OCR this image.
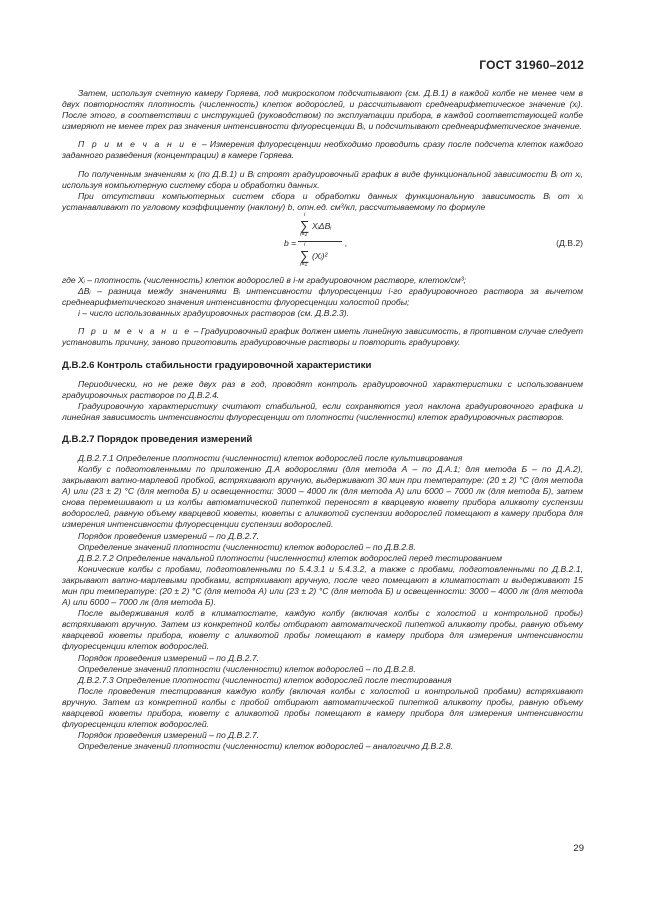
ГОСТ 31960–2012

Затем, используя счетную камеру Горяева, под микроскопом подсчитывают (см. Д.В.1) в каждой колбе не менее чем в двух повторностях плотность (численность) клеток водорослей, и рассчитывают среднеарифметическое значение (xᵢ). После этого, в соответствии с инструкцией (руководством) по эксплуатации прибора, в каждой соответствующей колбе измеряют не менее трех раз значения интенсивности флуоресценции Bᵢ, и подсчитывают среднеарифметическое значение.

П р и м е ч а н и е – Измерения флуоресценции необходимо проводить сразу после подсчета клеток каждого заданного разведения (концентрации) в камере Горяева.

По полученным значениям xᵢ (по Д.В.1) и Bᵢ строят градуировочный график в виде функциональной зависимости Bᵢ от xᵢ, используя компьютерную систему сбора и обработки данных.

При отсутствии компьютерных систем сбора и обработки данных функциональную зависимость Bᵢ от xᵢ устанавливают по угловому коэффициенту (наклону) b, отн.ед. см³/кл, рассчитываемому по формуле

b =
i
∑
i=1
XᵢΔBᵢ
i
∑
i=1
(Xᵢ)²
,	(Д.В.2)

где Xᵢ – плотность (численность) клеток водорослей в i-м градуировочном растворе, клеток/см³;

ΔBᵢ – разница между значениями Bᵢ интенсивности флуоресценции i-го градуировочного раствора за вычетом среднеарифметического значения интенсивности флуоресценции холостой пробы;

i – число использованных градуировочных растворов (см. Д.В.2.3).

П р и м е ч а н и е – Градуировочный график должен иметь линейную зависимость, в противном случае следует установить причину, заново приготовить градуировочные растворы и повторить градуировку.

Д.В.2.6 Контроль стабильности градуировочной характеристики

Периодически, но не реже двух раз в год, проводят контроль градуировочной характеристики с использованием градуировочных растворов по Д.В.2.4.

Градуировочную характеристику считают стабильной, если сохраняются угол наклона градуировочного графика и линейная зависимость интенсивности флуоресценции от плотности (численности) клеток градуировочных растворов.

Д.В.2.7 Порядок проведения измерений

Д.В.2.7.1 Определение плотности (численности) клеток водорослей после культивирования

Колбу с подготовленными по приложению Д.А водорослями (для метода А – по Д.А.1; для метода Б – по Д.А.2), закрывают ватно-марлевой пробкой, встряхивают вручную, выдерживают 30 мин при температуре: (20 ± 2) °С (для метода А) или (23 ± 2) °С (для метода Б) и освещенности: 3000 – 4000 лк (для метода А) или 6000 – 7000 лк (для метода Б), затем снова перемешивают и из колбы автоматической пипеткой переносят в кварцевую кювету прибора аликвоту суспензии водорослей, равную объему кварцевой кюветы, кюветы с аликвотой суспензии водорослей помещают в камеру прибора для измерения интенсивности флуоресценции суспензии водорослей.

Порядок проведения измерений – по Д.В.2.7.

Определение значений плотности (численности) клеток водорослей – по Д.В.2.8.

Д.В.2.7.2 Определение начальной плотности (численности) клеток водорослей перед тестированием

Конические колбы с пробами, подготовленными по 5.4.3.1 и 5.4.3.2, а также с пробами, подготовленными по Д.В.2.1, закрывают ватно-марлевыми пробками, встряхивают вручную, после чего помещают в климатостат и выдерживают 15 мин при температуре: (20 ± 2) °С (для метода А) или (23 ± 2) °С (для метода Б) и освещенности: 3000 – 4000 лк (для метода А) или 6000 – 7000 лк (для метода Б).

После выдерживания колб в климатостате, каждую колбу (включая колбы с холостой и контрольной пробы) встряхивают вручную. Затем из конкретной колбы отбирают автоматической пипеткой аликвоту пробы, равную объему кварцевой кюветы прибора, кювету с аликвотой пробы помещают в камеру прибора для измерения интенсивности флуоресценции клеток водорослей.

Порядок проведения измерений – по Д.В.2.7.

Определение значений плотности (численности) клеток водорослей – по Д.В.2.8.

Д.В.2.7.3 Определение плотности (численности) клеток водорослей после тестирования

После проведения тестирования каждую колбу (включая колбы с холостой и контрольной пробами) встряхивают вручную. Затем из конкретной колбы с пробой отбирают автоматической пипеткой аликвоту пробы, равную объему кварцевой кюветы прибора, кювету с аликвотой пробы помещают в камеру прибора для измерения интенсивности флуоресценции клеток водорослей.

Порядок проведения измерений – по Д.В.2.7.

Определение значений плотности (численности) клеток водорослей – аналогично Д.В.2.8.

29
